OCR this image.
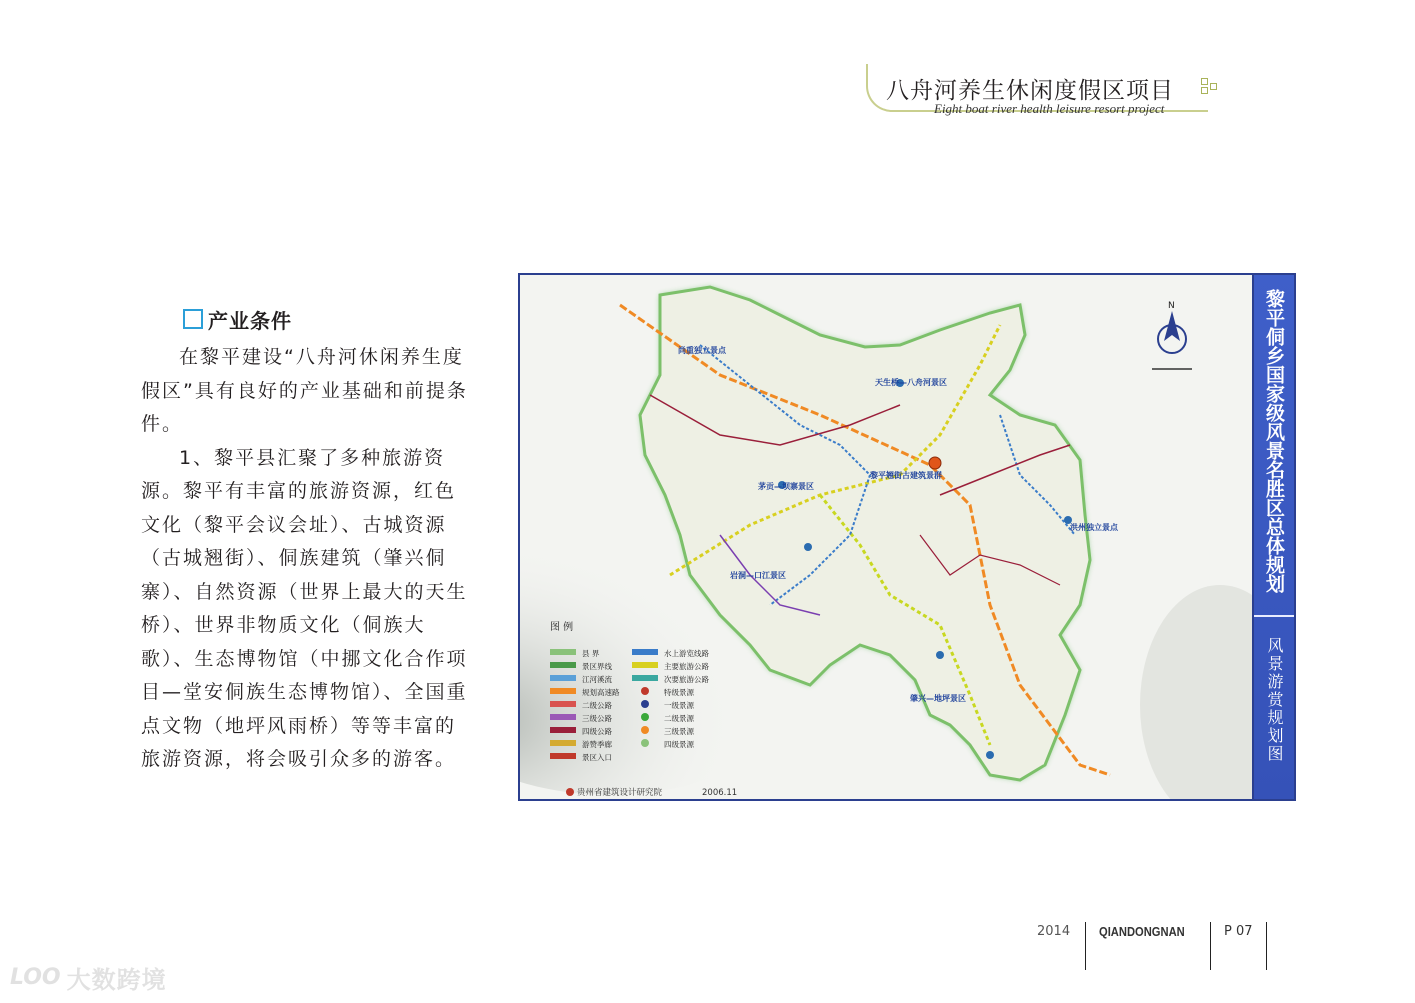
八舟河养生休闲度假区项目
Eight boat river health leisure resort project
产业条件

在黎平建设“八舟河休闲养生度假区”具有良好的产业基础和前提条件。

1、黎平县汇聚了多种旅游资源。黎平有丰富的旅游资源，红色文化（黎平会议会址）、古城资源（古城翘街）、侗族建筑（肇兴侗寨）、自然资源（世界上最大的天生桥）、世界非物质文化（侗族大歌）、生态博物馆（中挪文化合作项目—堂安侗族生态博物馆）、全国重点文物（地坪风雨桥）等等丰富的旅游资源，将会吸引众多的游客。

N
天生桥—八舟河景区
黎平翘街古建筑景群
茅贡—坝寨景区
洪州独立景点
岩洞—口江景区
肇兴—地坪景区
尚重独立景点
图 例
县 界
景区界线
江河溪流
规划高速路
二级公路
三级公路
四级公路
游赞季廊
景区入口
水上游览线路
主要旅游公路
次要旅游公路
特级景源
一级景源
二级景源
三级景源
四级景源
贵州省建筑设计研究院	2006.11
黎平侗乡国家级风景名胜区总体规划
风景游赏规划图
2014 QIANDONGNAN	P 07
LOO 大数跨境
